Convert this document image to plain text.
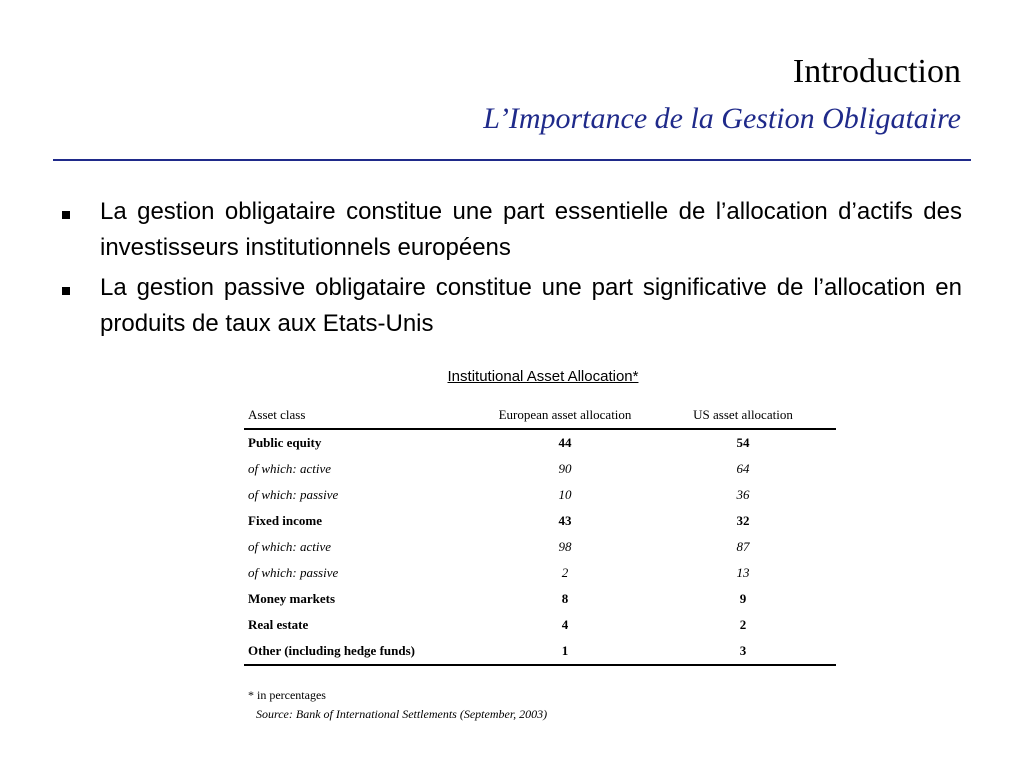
Introduction
L’Importance de la Gestion Obligataire
La gestion obligataire constitue une part essentielle de l’allocation d’actifs des investisseurs institutionnels européens
La gestion passive obligataire constitue une part significative de l’allocation en produits de taux aux Etats-Unis
Institutional Asset Allocation*
Asset class	European asset allocation	US asset allocation
Public equity	44	54
of which: active	90	64
of which: passive	10	36
Fixed income	43	32
of which: active	98	87
of which: passive	2	13
Money markets	8	9
Real estate	4	2
Other (including hedge funds)	1	3
* in percentages
Source: Bank of International Settlements (September, 2003)
